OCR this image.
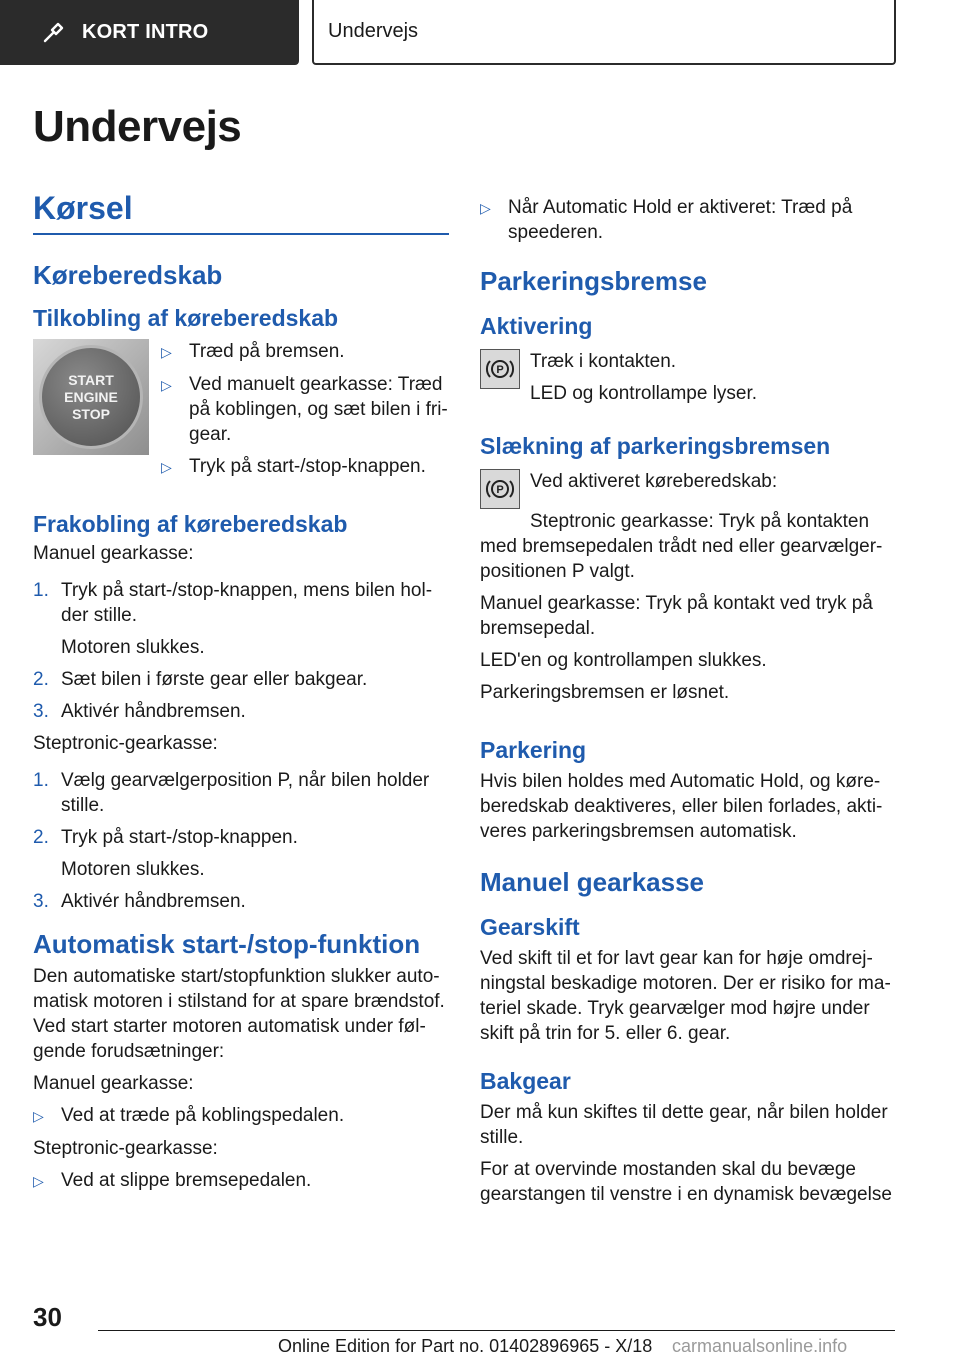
KORT INTRO	Undervejs
Undervejs
Kørsel
Køreberedskab
Tilkobling af køreberedskab
START
ENGINE
STOP
▷ Træd på bremsen.
▷ Ved manuelt gearkasse: Træd på koblingen, og sæt bilen i fri-gear.
▷ Tryk på start-/stop-knappen.
Frakobling af køreberedskab
Manuel gearkasse:
1. Tryk på start-/stop-knappen, mens bilen hol-der stille.
Motoren slukkes.
2. Sæt bilen i første gear eller bakgear.
3. Aktivér håndbremsen.
Steptronic-gearkasse:
1. Vælg gearvælgerposition P, når bilen holder stille.
2. Tryk på start-/stop-knappen.
Motoren slukkes.
3. Aktivér håndbremsen.
Automatisk start-/stop-funktion
Den automatiske start/stopfunktion slukker auto-matisk motoren i stilstand for at spare brændstof. Ved start starter motoren automatisk under føl-gende forudsætninger:
Manuel gearkasse:
▷ Ved at træde på koblingspedalen.
Steptronic-gearkasse:
▷ Ved at slippe bremsepedalen.
▷ Når Automatic Hold er aktiveret: Træd på speederen.
Parkeringsbremse
Aktivering
P Træk i kontakten.
LED og kontrollampe lyser.
Slækning af parkeringsbremsen
P Ved aktiveret køreberedskab:
Steptronic gearkasse: Tryk på kontakten med bremsepedalen trådt ned eller gearvælger-positionen P valgt.
Manuel gearkasse: Tryk på kontakt ved tryk på bremsepedal.
LED'en og kontrollampen slukkes.
Parkeringsbremsen er løsnet.
Parkering
Hvis bilen holdes med Automatic Hold, og køre-beredskab deaktiveres, eller bilen forlades, akti-veres parkeringsbremsen automatisk.
Manuel gearkasse
Gearskift
Ved skift til et for lavt gear kan for høje omdrej-ningstal beskadige motoren. Der er risiko for ma-teriel skade. Tryk gearvælger mod højre under skift på trin for 5. eller 6. gear.
Bakgear
Der må kun skiftes til dette gear, når bilen holder stille.
For at overvinde mostanden skal du bevæge gearstangen til venstre i en dynamisk bevægelse
30
Online Edition for Part no. 01402896965 - X/18 carmanualsonline.info
